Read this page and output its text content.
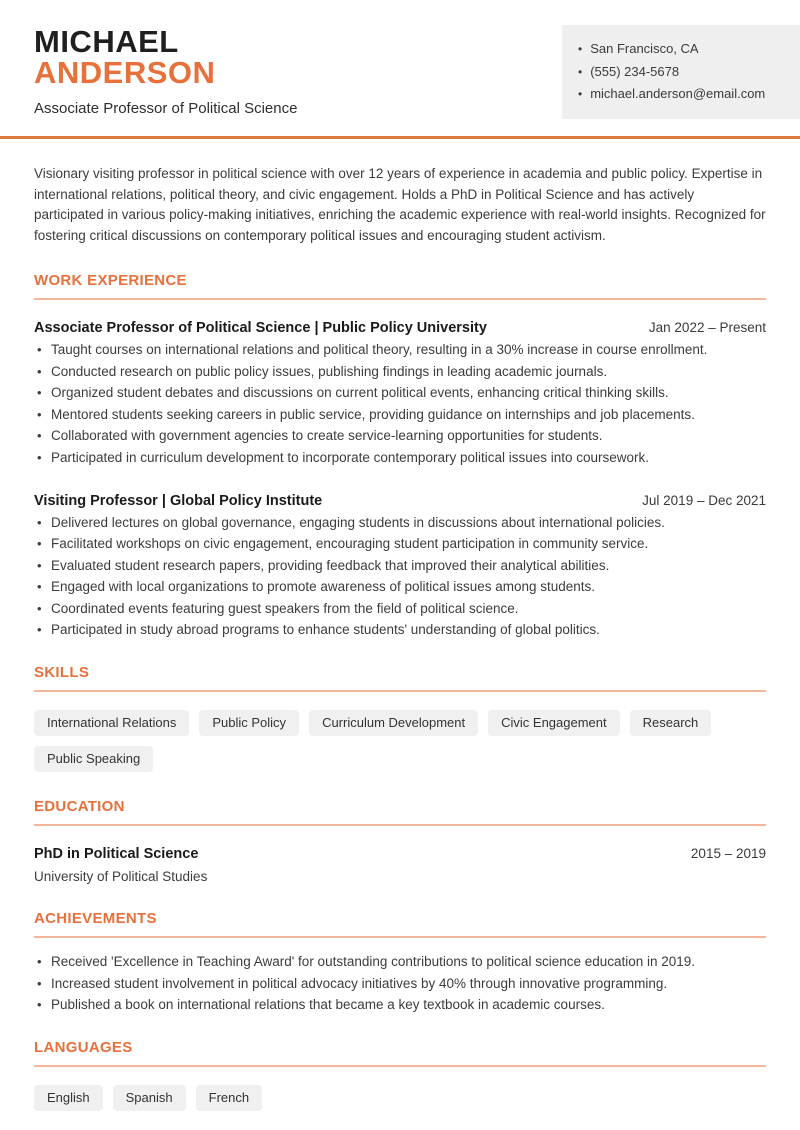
MICHAEL
ANDERSON
Associate Professor of Political Science
• San Francisco, CA
• (555) 234-5678
• michael.anderson@email.com

Visionary visiting professor in political science with over 12 years of experience in academia and public policy. Expertise in international relations, political theory, and civic engagement. Holds a PhD in Political Science and has actively participated in various policy-making initiatives, enriching the academic experience with real-world insights. Recognized for fostering critical discussions on contemporary political issues and encouraging student activism.

WORK EXPERIENCE
Associate Professor of Political Science | Public Policy University	Jan 2022 – Present
• Taught courses on international relations and political theory, resulting in a 30% increase in course enrollment.
• Conducted research on public policy issues, publishing findings in leading academic journals.
• Organized student debates and discussions on current political events, enhancing critical thinking skills.
• Mentored students seeking careers in public service, providing guidance on internships and job placements.
• Collaborated with government agencies to create service-learning opportunities for students.
• Participated in curriculum development to incorporate contemporary political issues into coursework.
Visiting Professor | Global Policy Institute	Jul 2019 – Dec 2021
• Delivered lectures on global governance, engaging students in discussions about international policies.
• Facilitated workshops on civic engagement, encouraging student participation in community service.
• Evaluated student research papers, providing feedback that improved their analytical abilities.
• Engaged with local organizations to promote awareness of political issues among students.
• Coordinated events featuring guest speakers from the field of political science.
• Participated in study abroad programs to enhance students' understanding of global politics.
SKILLS
International Relations	Public Policy	Curriculum Development	Civic Engagement	Research
Public Speaking
EDUCATION
PhD in Political Science	2015 – 2019
University of Political Studies
ACHIEVEMENTS
• Received 'Excellence in Teaching Award' for outstanding contributions to political science education in 2019.
• Increased student involvement in political advocacy initiatives by 40% through innovative programming.
• Published a book on international relations that became a key textbook in academic courses.
LANGUAGES
English	Spanish	French
